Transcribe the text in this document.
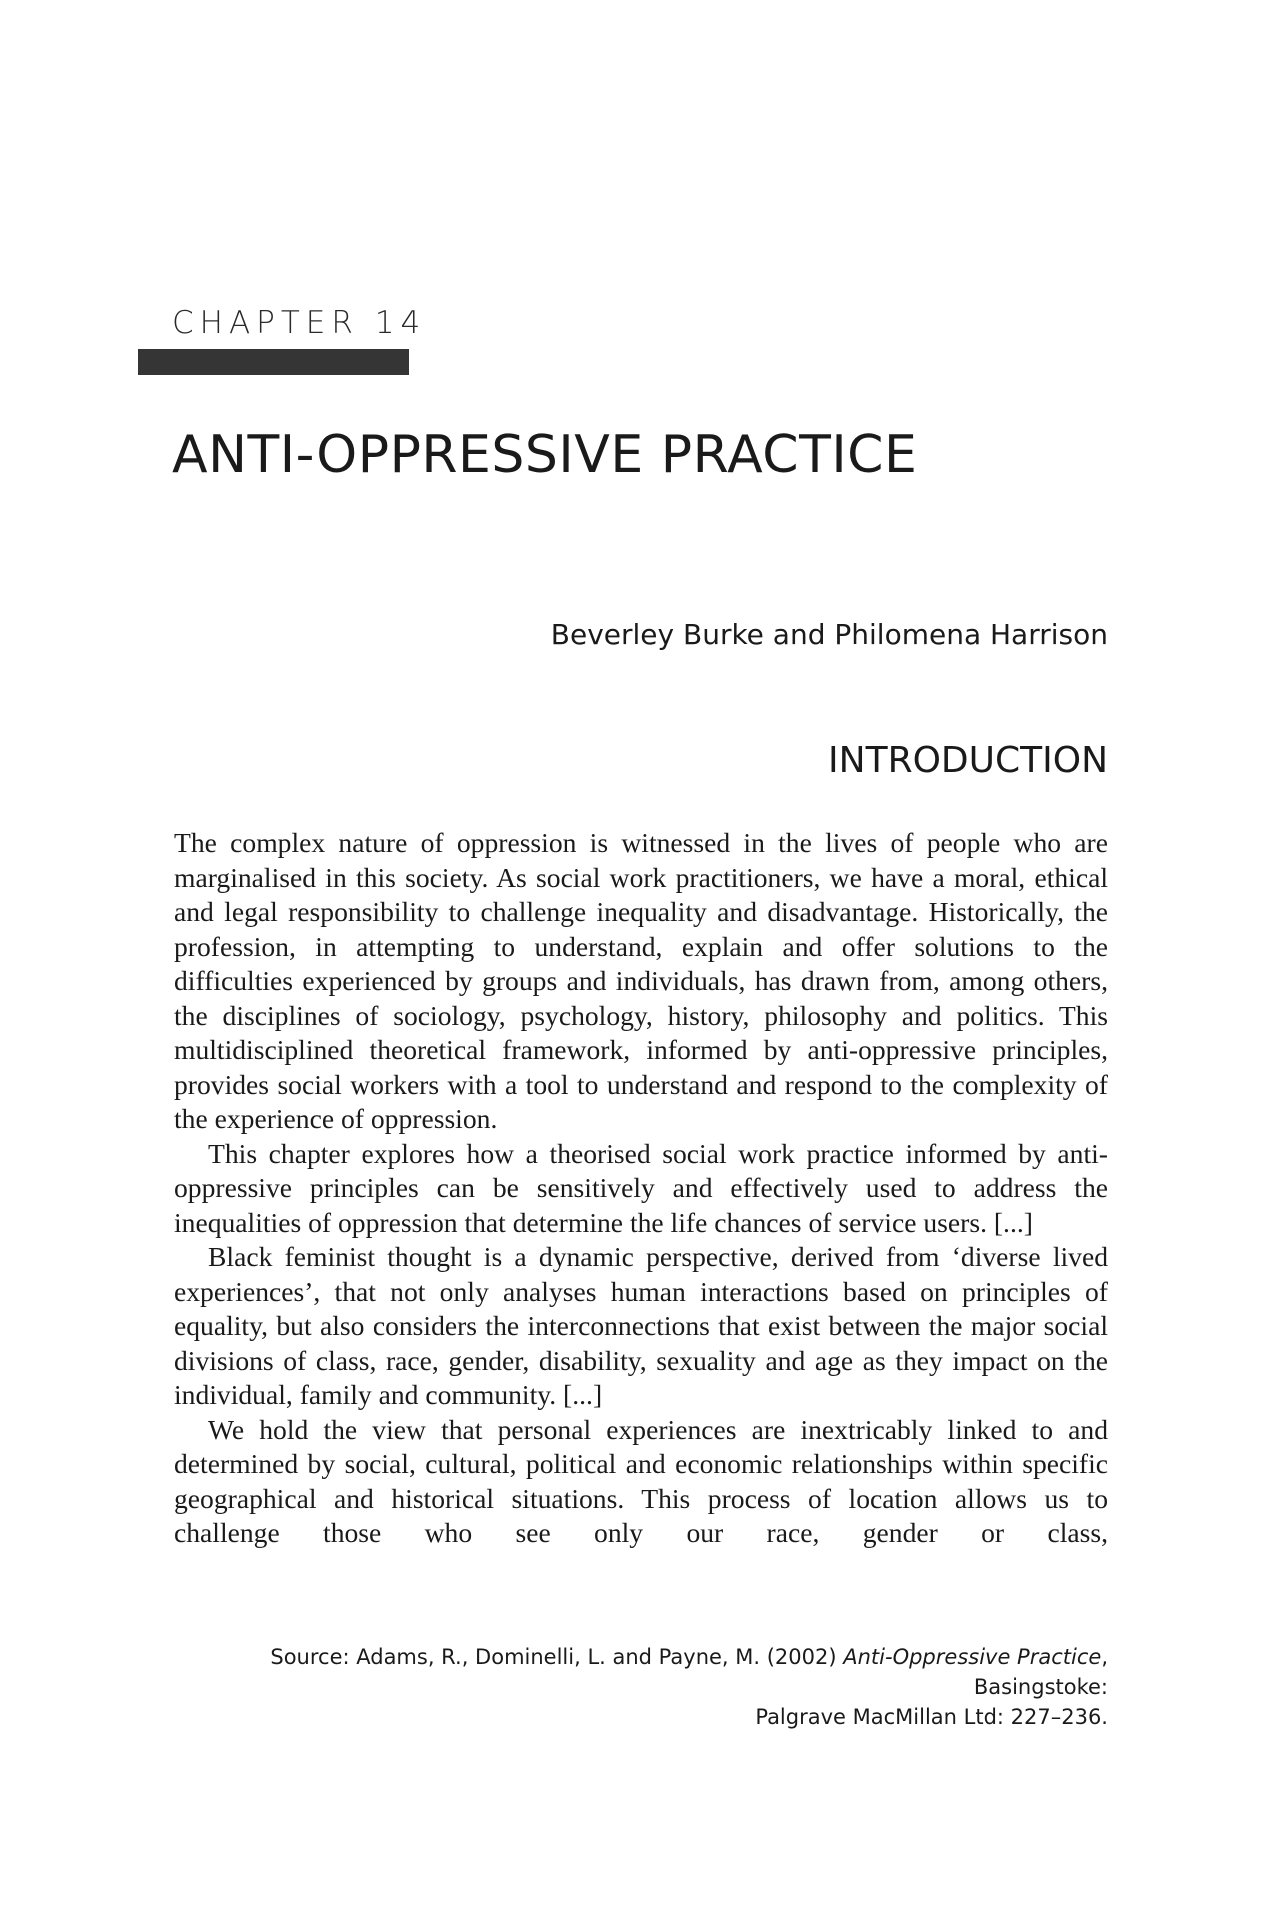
CHAPTER 14
ANTI-OPPRESSIVE PRACTICE
Beverley Burke and Philomena Harrison
INTRODUCTION

The complex nature of oppression is witnessed in the lives of people who are marginalised in this society. As social work practitioners, we have a moral, ethical and legal responsibility to challenge inequality and disadvantage. Historically, the profession, in attempting to understand, explain and offer solutions to the difficulties experienced by groups and individuals, has drawn from, among others, the disciplines of sociology, psychology, history, philosophy and politics. This multidisciplined theoretical framework, informed by anti-oppressive principles, provides social workers with a tool to understand and respond to the complexity of the experience of oppression.

This chapter explores how a theorised social work practice informed by anti-oppressive principles can be sensitively and effectively used to address the inequalities of oppression that determine the life chances of service users. [...]

Black feminist thought is a dynamic perspective, derived from ‘diverse lived experiences’, that not only analyses human interactions based on principles of equality, but also considers the interconnections that exist between the major social divisions of class, race, gender, disability, sexuality and age as they impact on the individual, family and community. [...]

We hold the view that personal experiences are inextricably linked to and determined by social, cultural, political and economic relationships within specific geographical and historical situations. This process of location allows us to challenge those who see only our race, gender or class,

Source: Adams, R., Dominelli, L. and Payne, M. (2002) Anti-Oppressive Practice, Basingstoke:
Palgrave MacMillan Ltd: 227–236.
